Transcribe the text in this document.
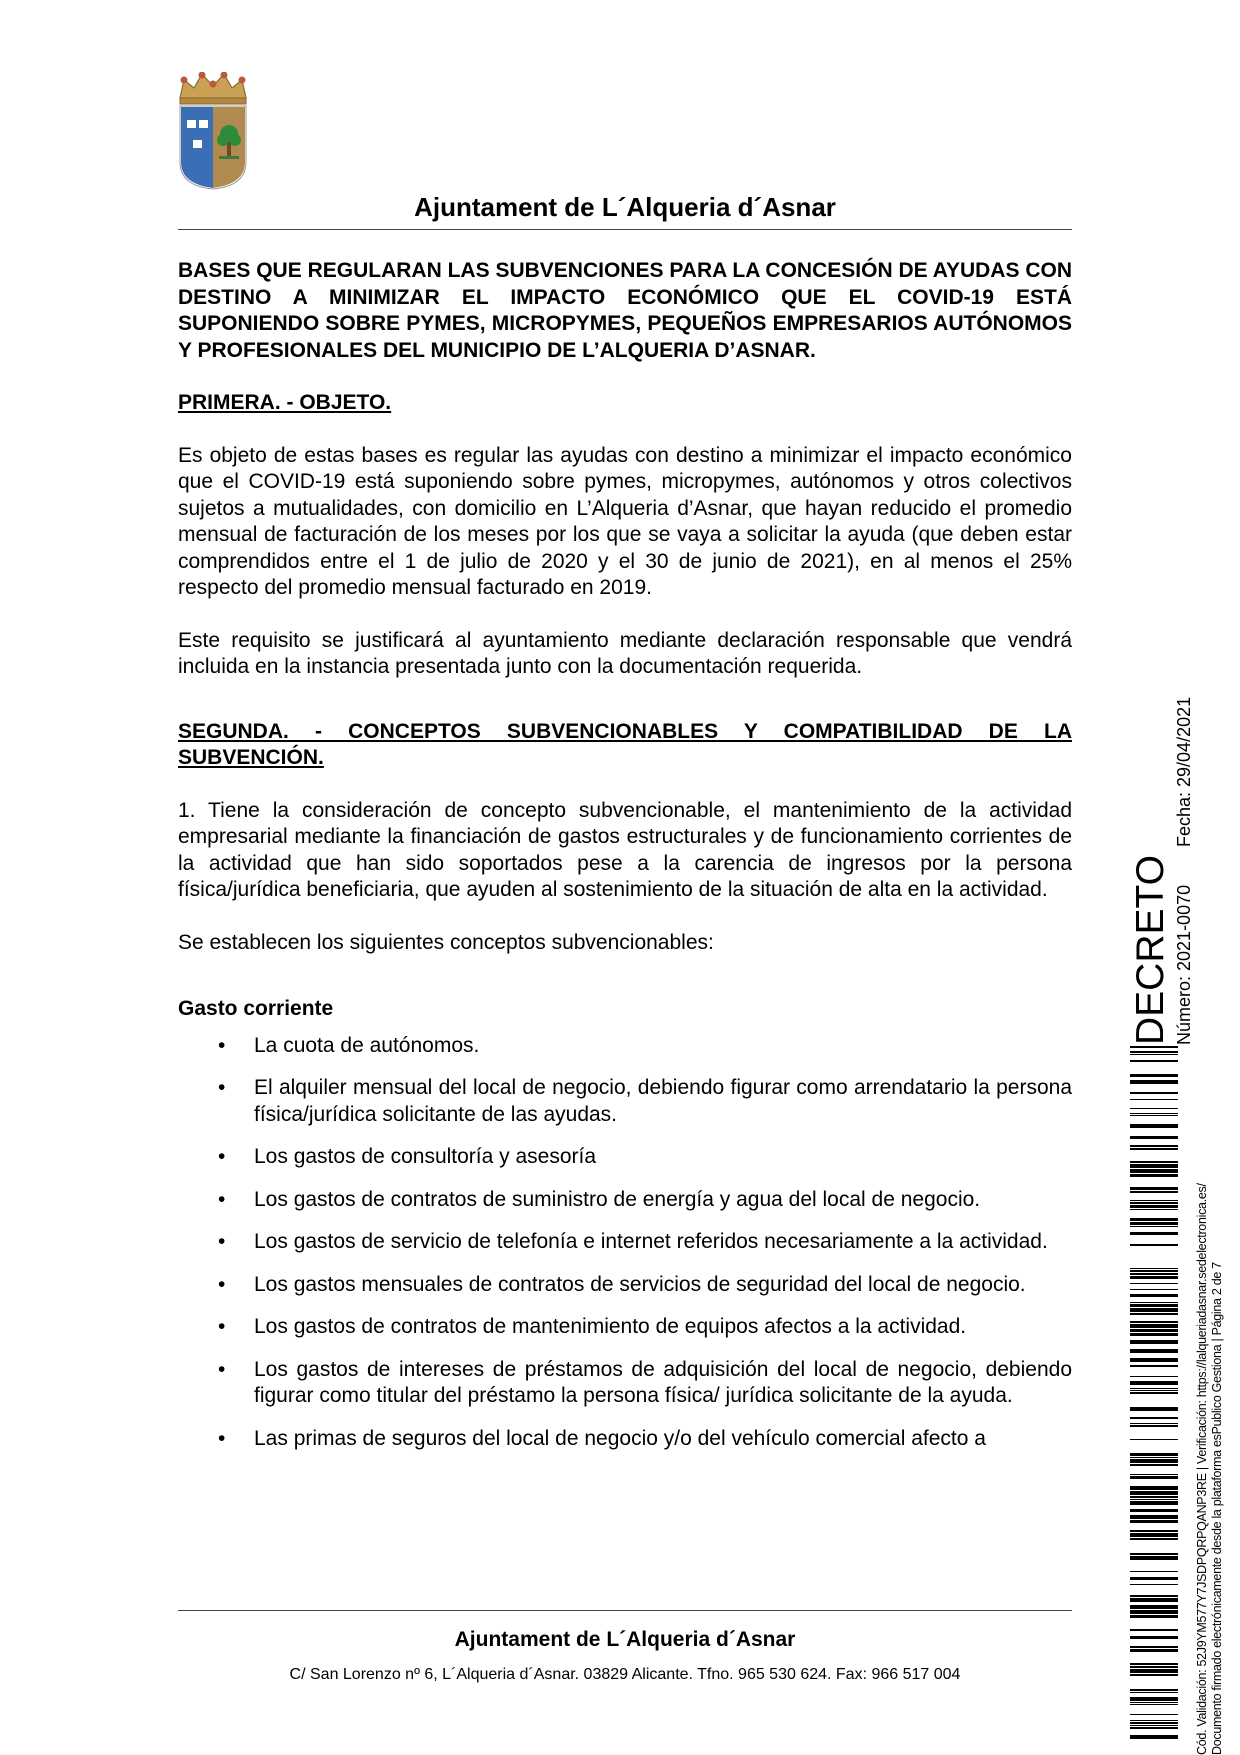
Ajuntament de L´Alqueria d´Asnar

BASES QUE REGULARAN LAS SUBVENCIONES PARA LA CONCESIÓN DE AYUDAS CON DESTINO A MINIMIZAR EL IMPACTO ECONÓMICO QUE EL COVID-19 ESTÁ SUPONIENDO SOBRE PYMES, MICROPYMES, PEQUEÑOS EMPRESARIOS AUTÓNOMOS Y PROFESIONALES DEL MUNICIPIO DE L’ALQUERIA D’ASNAR.

PRIMERA. - OBJETO.

Es objeto de estas bases es regular las ayudas con destino a minimizar el impacto económico que el COVID-19 está suponiendo sobre pymes, micropymes, autónomos y otros colectivos sujetos a mutualidades, con domicilio en L’Alqueria d’Asnar, que hayan reducido el promedio mensual de facturación de los meses por los que se vaya a solicitar la ayuda (que deben estar comprendidos entre el 1 de julio de 2020 y el 30 de junio de 2021), en al menos el 25% respecto del promedio mensual facturado en 2019.

Este requisito se justificará al ayuntamiento mediante declaración responsable que vendrá incluida en la instancia presentada junto con la documentación requerida.

SEGUNDA. - CONCEPTOS SUBVENCIONABLES Y COMPATIBILIDAD DE LA SUBVENCIÓN.

1. Tiene la consideración de concepto subvencionable, el mantenimiento de la actividad empresarial mediante la financiación de gastos estructurales y de funcionamiento corrientes de la actividad que han sido soportados pese a la carencia de ingresos por la persona física/jurídica beneficiaria, que ayuden al sostenimiento de la situación de alta en la actividad.

Se establecen los siguientes conceptos subvencionables:

Gasto corriente

• La cuota de autónomos.
• El alquiler mensual del local de negocio, debiendo figurar como arrendatario la persona física/jurídica solicitante de las ayudas.
• Los gastos de consultoría y asesoría
• Los gastos de contratos de suministro de energía y agua del local de negocio.
• Los gastos de servicio de telefonía e internet referidos necesariamente a la actividad.
• Los gastos mensuales de contratos de servicios de seguridad del local de negocio.
• Los gastos de contratos de mantenimiento de equipos afectos a la actividad.
• Los gastos de intereses de préstamos de adquisición del local de negocio, debiendo figurar como titular del préstamo la persona física/ jurídica solicitante de la ayuda.
• Las primas de seguros del local de negocio y/o del vehículo comercial afecto a
Ajuntament de L´Alqueria d´Asnar
C/ San Lorenzo nº 6, L´Alqueria d´Asnar. 03829 Alicante. Tfno. 965 530 624. Fax: 966 517 004
DECRETO Número: 2021-0070
Fecha: 29/04/2021
Cód. Validación: 52J9YM577Y7JSDPQRPQANP3RE | Verificación: https://lalqueriadasnar.sedelectronica.es/ Documento firmado electrónicamente desde la plataforma esPublico Gestiona | Página 2 de 7
